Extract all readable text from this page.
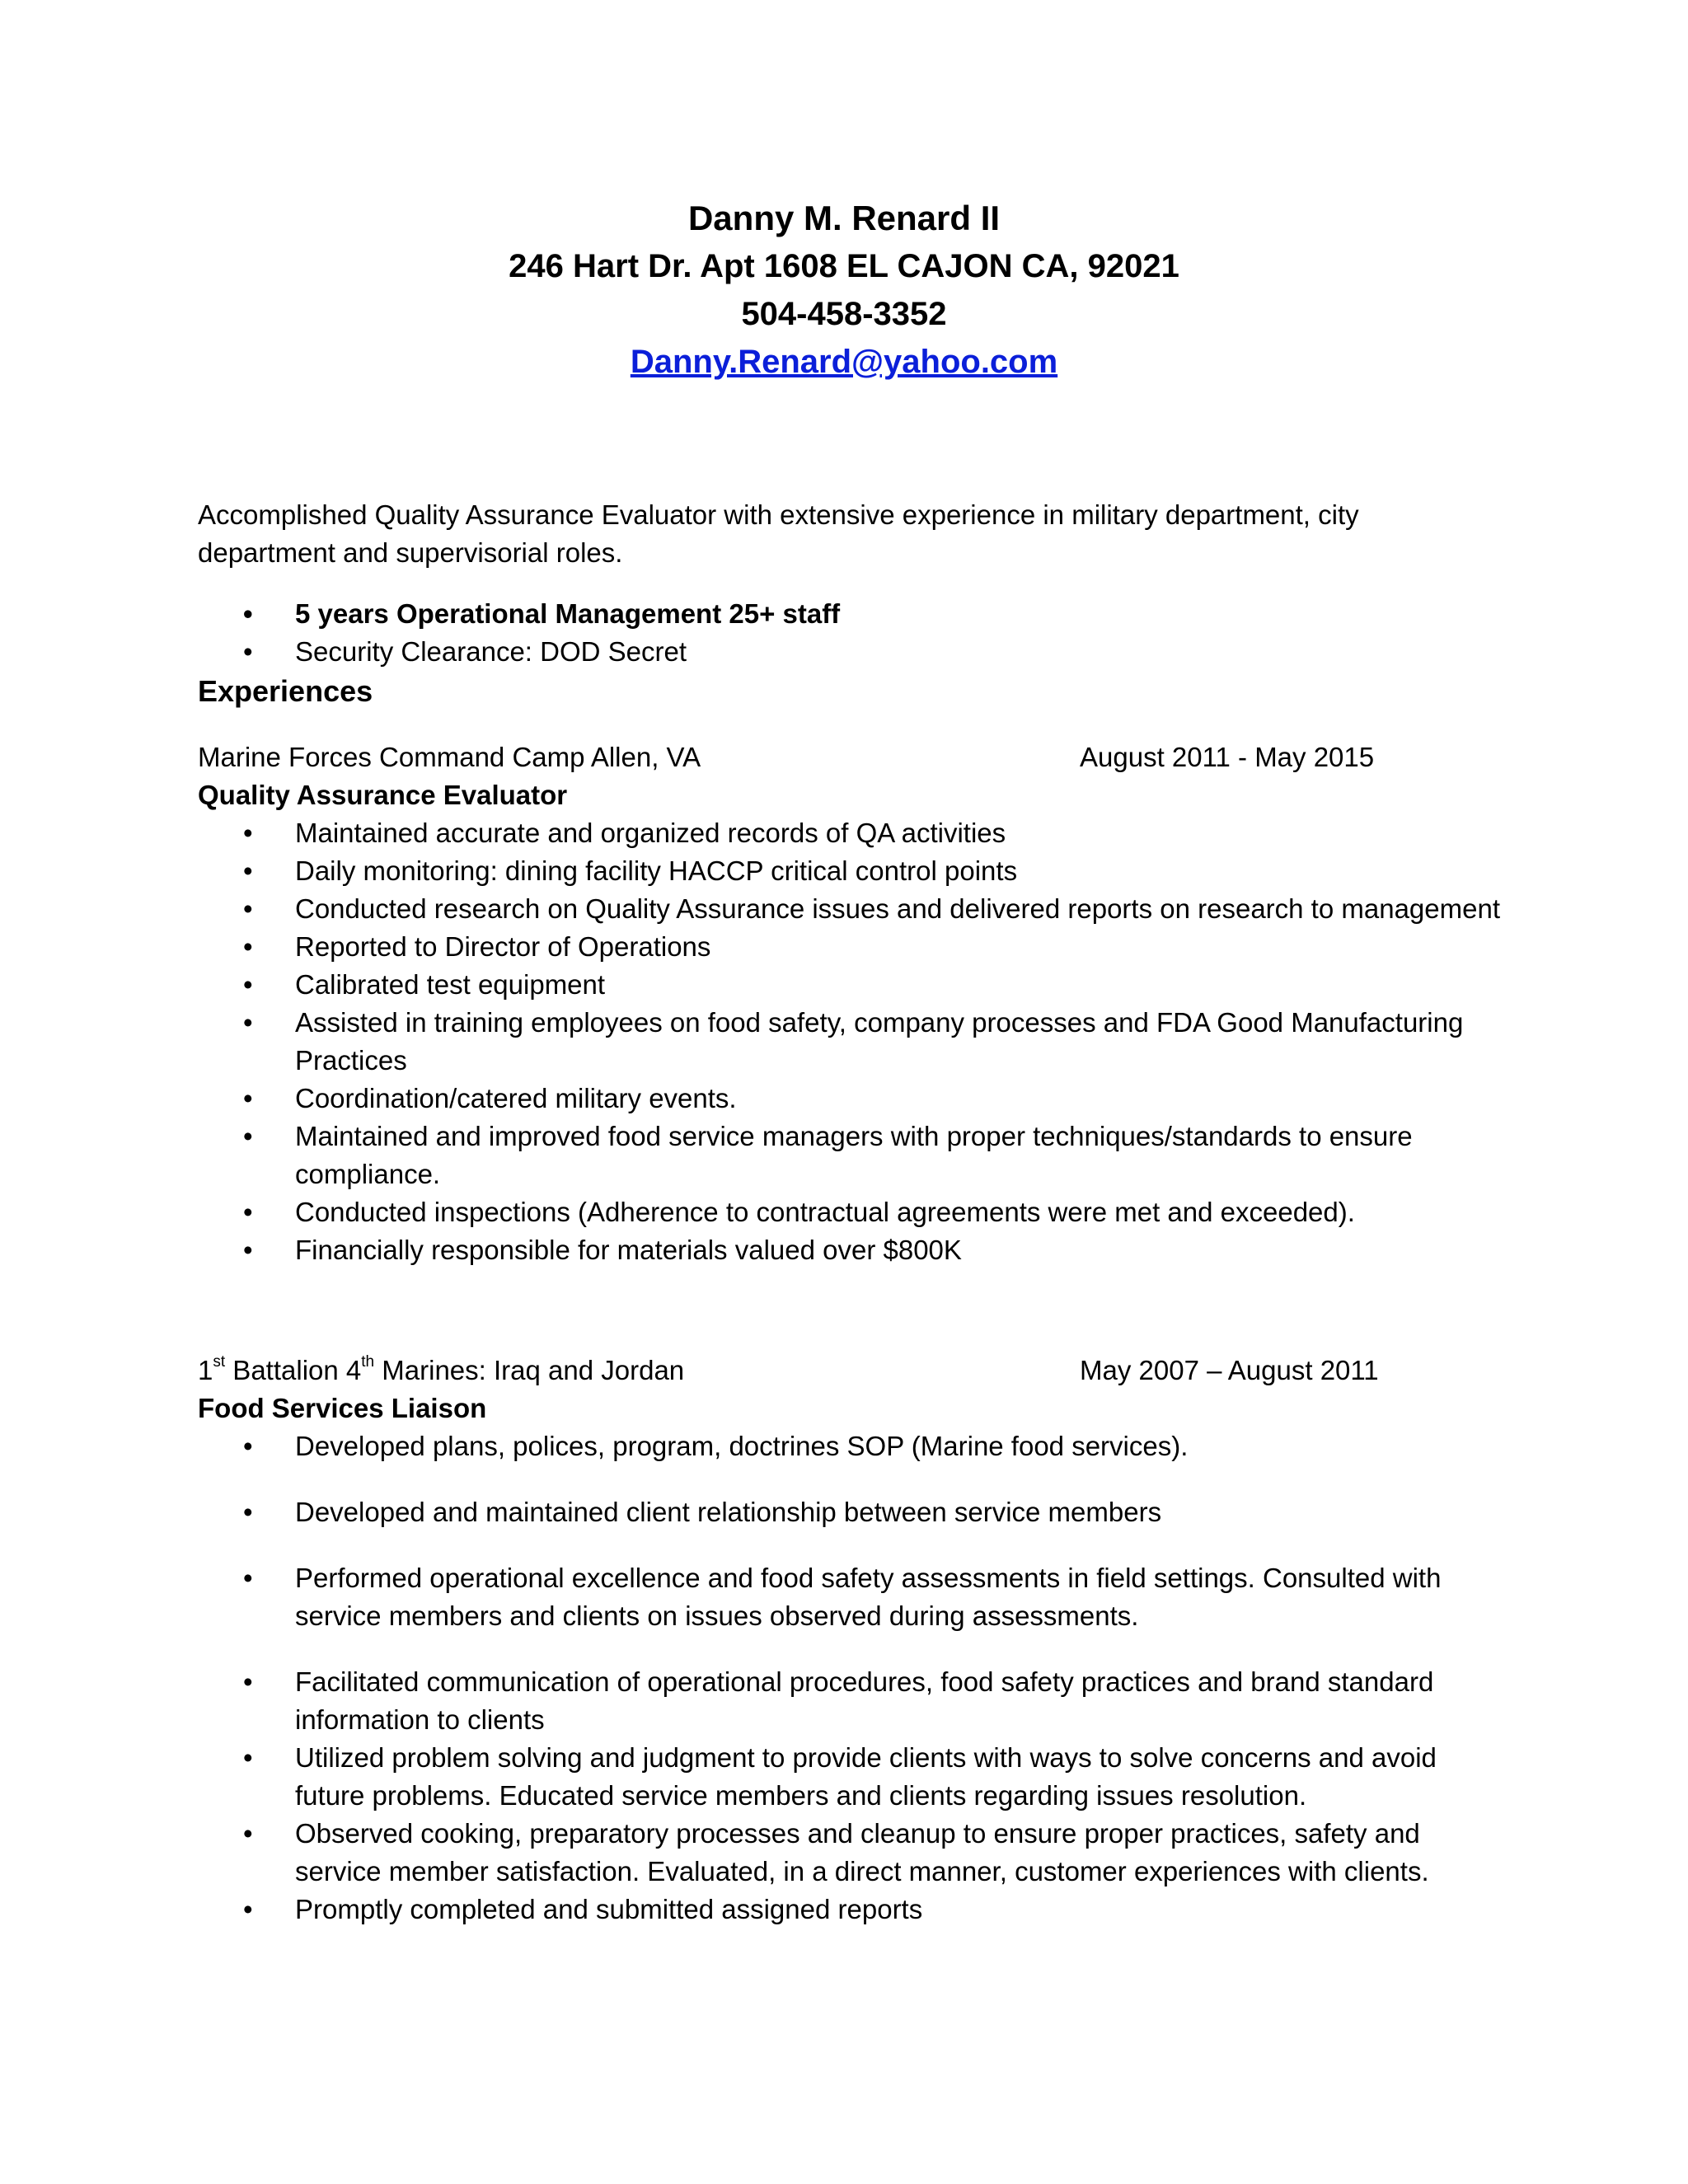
Danny M. Renard II
246 Hart Dr. Apt 1608 EL CAJON CA, 92021
504-458-3352
Danny.Renard@yahoo.com
Accomplished Quality Assurance Evaluator with extensive experience in military department, city department and supervisorial roles.
• 5 years Operational Management 25+ staff
• Security Clearance: DOD Secret
Experiences
Marine Forces Command Camp Allen, VA	August 2011 - May 2015
Quality Assurance Evaluator
• Maintained accurate and organized records of QA activities
• Daily monitoring: dining facility HACCP critical control points
• Conducted research on Quality Assurance issues and delivered reports on research to management
• Reported to Director of Operations
• Calibrated test equipment
• Assisted in training employees on food safety, company processes and FDA Good Manufacturing Practices
• Coordination/catered military events.
• Maintained and improved food service managers with proper techniques/standards to ensure compliance.
• Conducted inspections (Adherence to contractual agreements were met and exceeded).
• Financially responsible for materials valued over $800K
1st Battalion 4th Marines: Iraq and Jordan	May 2007 – August 2011
Food Services Liaison
• Developed plans, polices, program, doctrines SOP (Marine food services).
• Developed and maintained client relationship between service members
• Performed operational excellence and food safety assessments in field settings. Consulted with service members and clients on issues observed during assessments.
• Facilitated communication of operational procedures, food safety practices and brand standard information to clients
• Utilized problem solving and judgment to provide clients with ways to solve concerns and avoid future problems. Educated service members and clients regarding issues resolution.
• Observed cooking, preparatory processes and cleanup to ensure proper practices, safety and service member satisfaction. Evaluated, in a direct manner, customer experiences with clients.
• Promptly completed and submitted assigned reports
